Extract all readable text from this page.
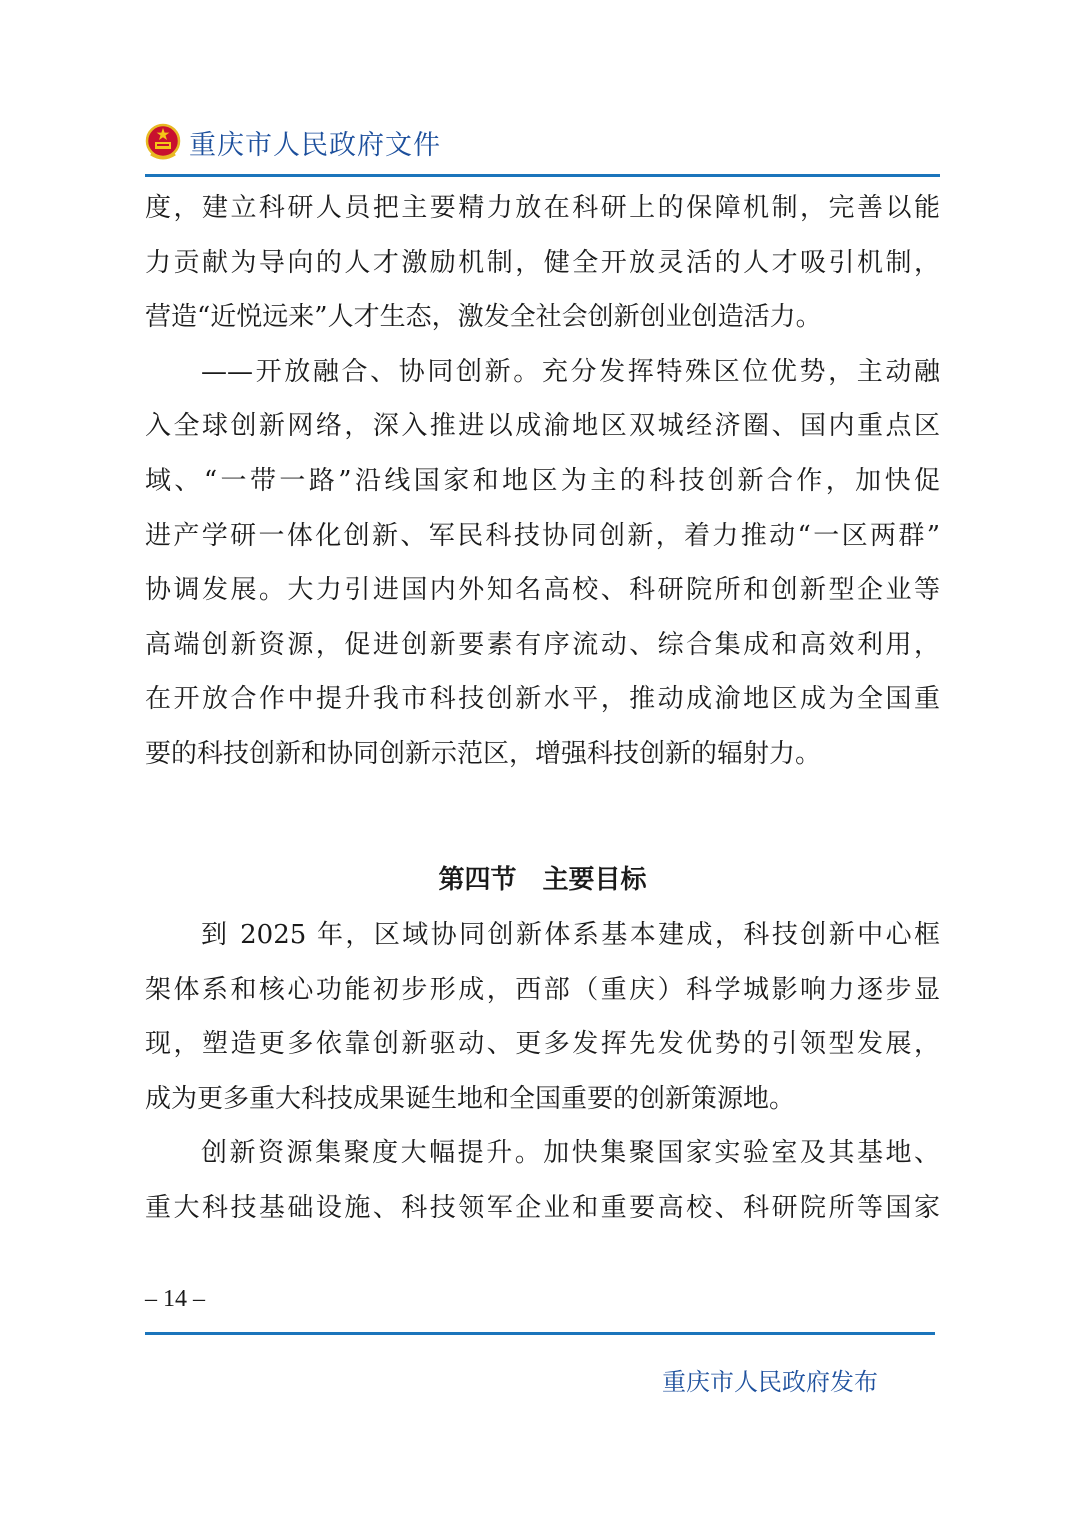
重庆市人民政府文件
度，建立科研人员把主要精力放在科研上的保障机制，完善以能
力贡献为导向的人才激励机制，健全开放灵活的人才吸引机制，
营造“近悦远来”人才生态，激发全社会创新创业创造活力。
——开放融合、协同创新。充分发挥特殊区位优势，主动融
入全球创新网络，深入推进以成渝地区双城经济圈、国内重点区
域、“一带一路”沿线国家和地区为主的科技创新合作，加快促
进产学研一体化创新、军民科技协同创新，着力推动“一区两群”
协调发展。大力引进国内外知名高校、科研院所和创新型企业等
高端创新资源，促进创新要素有序流动、综合集成和高效利用，
在开放合作中提升我市科技创新水平，推动成渝地区成为全国重
要的科技创新和协同创新示范区，增强科技创新的辐射力。
第四节　主要目标
到 2025 年，区域协同创新体系基本建成，科技创新中心框
架体系和核心功能初步形成，西部（重庆）科学城影响力逐步显
现，塑造更多依靠创新驱动、更多发挥先发优势的引领型发展，
成为更多重大科技成果诞生地和全国重要的创新策源地。
创新资源集聚度大幅提升。加快集聚国家实验室及其基地、
重大科技基础设施、科技领军企业和重要高校、科研院所等国家
– 14 –
重庆市人民政府发布
